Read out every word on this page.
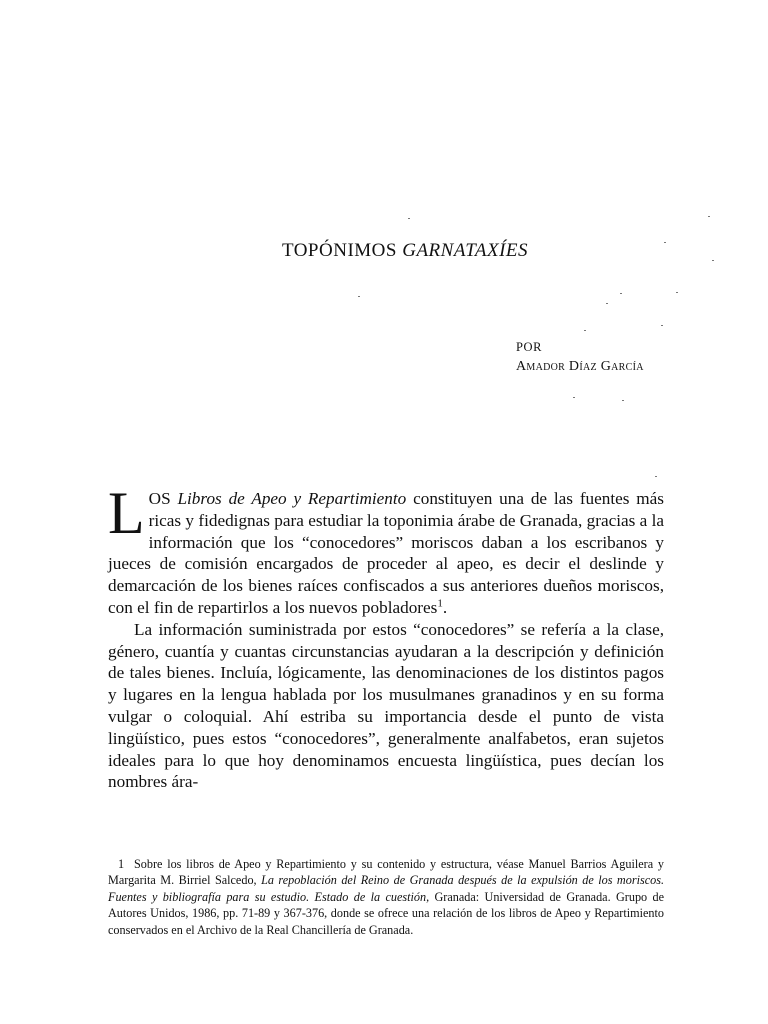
TOPÓNIMOS GARNATAXÍES
POR
Amador Díaz García

LOS Libros de Apeo y Repartimiento constituyen una de las fuentes más ricas y fidedignas para estudiar la toponimia árabe de Granada, gracias a la información que los “conocedores” moriscos daban a los escribanos y jueces de comisión encargados de proceder al apeo, es decir el deslinde y demarcación de los bienes raíces confiscados a sus anteriores dueños moriscos, con el fin de repartirlos a los nuevos pobladores$^1$.

La información suministrada por estos “conocedores” se refería a la clase, género, cuantía y cuantas circunstancias ayudaran a la descripción y definición de tales bienes. Incluía, lógicamente, las denominaciones de los distintos pagos y lugares en la lengua hablada por los musulmanes granadinos y en su forma vulgar o coloquial. Ahí estriba su importancia desde el punto de vista lingüístico, pues estos “conocedores”, generalmente analfabetos, eran sujetos ideales para lo que hoy denominamos encuesta lingüística, pues decían los nombres ára-

1 Sobre los libros de Apeo y Repartimiento y su contenido y estructura, véase Manuel Barrios Aguilera y Margarita M. Birriel Salcedo, La repoblación del Reino de Granada después de la expulsión de los moriscos. Fuentes y bibliografía para su estudio. Estado de la cuestión, Granada: Universidad de Granada. Grupo de Autores Unidos, 1986, pp. 71-89 y 367-376, donde se ofrece una relación de los libros de Apeo y Repartimiento conservados en el Archivo de la Real Chancillería de Granada.
